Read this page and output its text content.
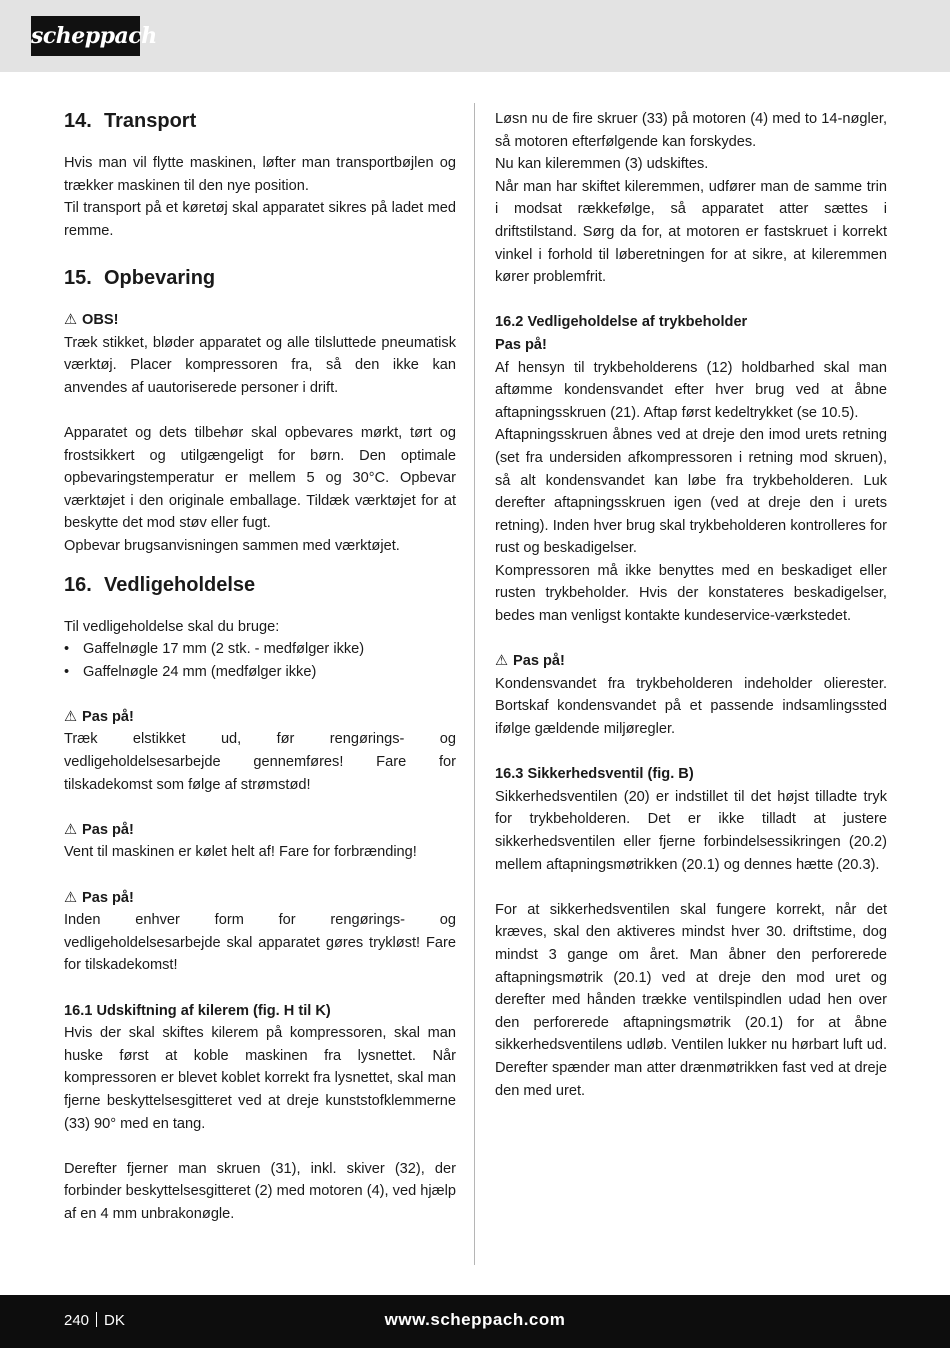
scheppach
14. Transport

Hvis man vil flytte maskinen, løfter man transportbøjlen og trækker maskinen til den nye position.

Til transport på et køretøj skal apparatet sikres på ladet med remme.

15. Opbevaring
⚠ OBS!

Træk stikket, bløder apparatet og alle tilsluttede pneumatisk værktøj. Placer kompressoren fra, så den ikke kan anvendes af uautoriserede personer i drift.

Apparatet og dets tilbehør skal opbevares mørkt, tørt og frostsikkert og utilgængeligt for børn. Den optimale opbevaringstemperatur er mellem 5 og 30°C. Opbevar værktøjet i den originale emballage. Tildæk værktøjet for at beskytte det mod støv eller fugt.

Opbevar brugsanvisningen sammen med værktøjet.

16. Vedligeholdelse

Til vedligeholdelse skal du bruge:

• Gaffelnøgle 17 mm (2 stk. - medfølger ikke)
• Gaffelnøgle 24 mm (medfølger ikke)
⚠ Pas på!

Træk elstikket ud, før rengørings- og vedligeholdelsesarbejde gennemføres! Fare for tilskadekomst som følge af strømstød!

⚠ Pas på!

Vent til maskinen er kølet helt af! Fare for forbrænding!

⚠ Pas på!

Inden enhver form for rengørings- og vedligeholdelsesarbejde skal apparatet gøres trykløst! Fare for tilskadekomst!

16.1 Udskiftning af kilerem (fig. H til K)

Hvis der skal skiftes kilerem på kompressoren, skal man huske først at koble maskinen fra lysnettet. Når kompressoren er blevet koblet korrekt fra lysnettet, skal man fjerne beskyttelsesgitteret ved at dreje kunststofklemmerne (33) 90° med en tang.

Derefter fjerner man skruen (31), inkl. skiver (32), der forbinder beskyttelsesgitteret (2) med motoren (4), ved hjælp af en 4 mm unbrakonøgle.

Løsn nu de fire skruer (33) på motoren (4) med to 14-nøgler, så motoren efterfølgende kan forskydes.

Nu kan kileremmen (3) udskiftes.

Når man har skiftet kileremmen, udfører man de samme trin i modsat rækkefølge, så apparatet atter sættes i driftstilstand. Sørg da for, at motoren er fastskruet i korrekt vinkel i forhold til løberetningen for at sikre, at kileremmen kører problemfrit.

16.2 Vedligeholdelse af trykbeholder
Pas på!

Af hensyn til trykbeholderens (12) holdbarhed skal man aftømme kondensvandet efter hver brug ved at åbne aftapningsskruen (21). Aftap først kedeltrykket (se 10.5).

Aftapningsskruen åbnes ved at dreje den imod urets retning (set fra undersiden afkompressoren i retning mod skruen), så alt kondensvandet kan løbe fra trykbeholderen. Luk derefter aftapningsskruen igen (ved at dreje den i urets retning). Inden hver brug skal trykbeholderen kontrolleres for rust og beskadigelser.

Kompressoren må ikke benyttes med en beskadiget eller rusten trykbeholder. Hvis der konstateres beskadigelser, bedes man venligst kontakte kundeservice-værkstedet.

⚠ Pas på!

Kondensvandet fra trykbeholderen indeholder olierester. Bortskaf kondensvandet på et passende indsamlingssted ifølge gældende miljøregler.

16.3 Sikkerhedsventil (fig. B)

Sikkerhedsventilen (20) er indstillet til det højst tilladte tryk for trykbeholderen. Det er ikke tilladt at justere sikkerhedsventilen eller fjerne forbindelsessikringen (20.2) mellem aftapningsmøtrikken (20.1) og dennes hætte (20.3).

For at sikkerhedsventilen skal fungere korrekt, når det kræves, skal den aktiveres mindst hver 30. driftstime, dog mindst 3 gange om året. Man åbner den perforerede aftapningsmøtrik (20.1) ved at dreje den mod uret og derefter med hånden trække ventilspindlen udad hen over den perforerede aftapningsmøtrik (20.1) for at åbne sikkerhedsventilens udløb. Ventilen lukker nu hørbart luft ud. Derefter spænder man atter drænmøtrikken fast ved at dreje den med uret.

240 DK	www.scheppach.com
